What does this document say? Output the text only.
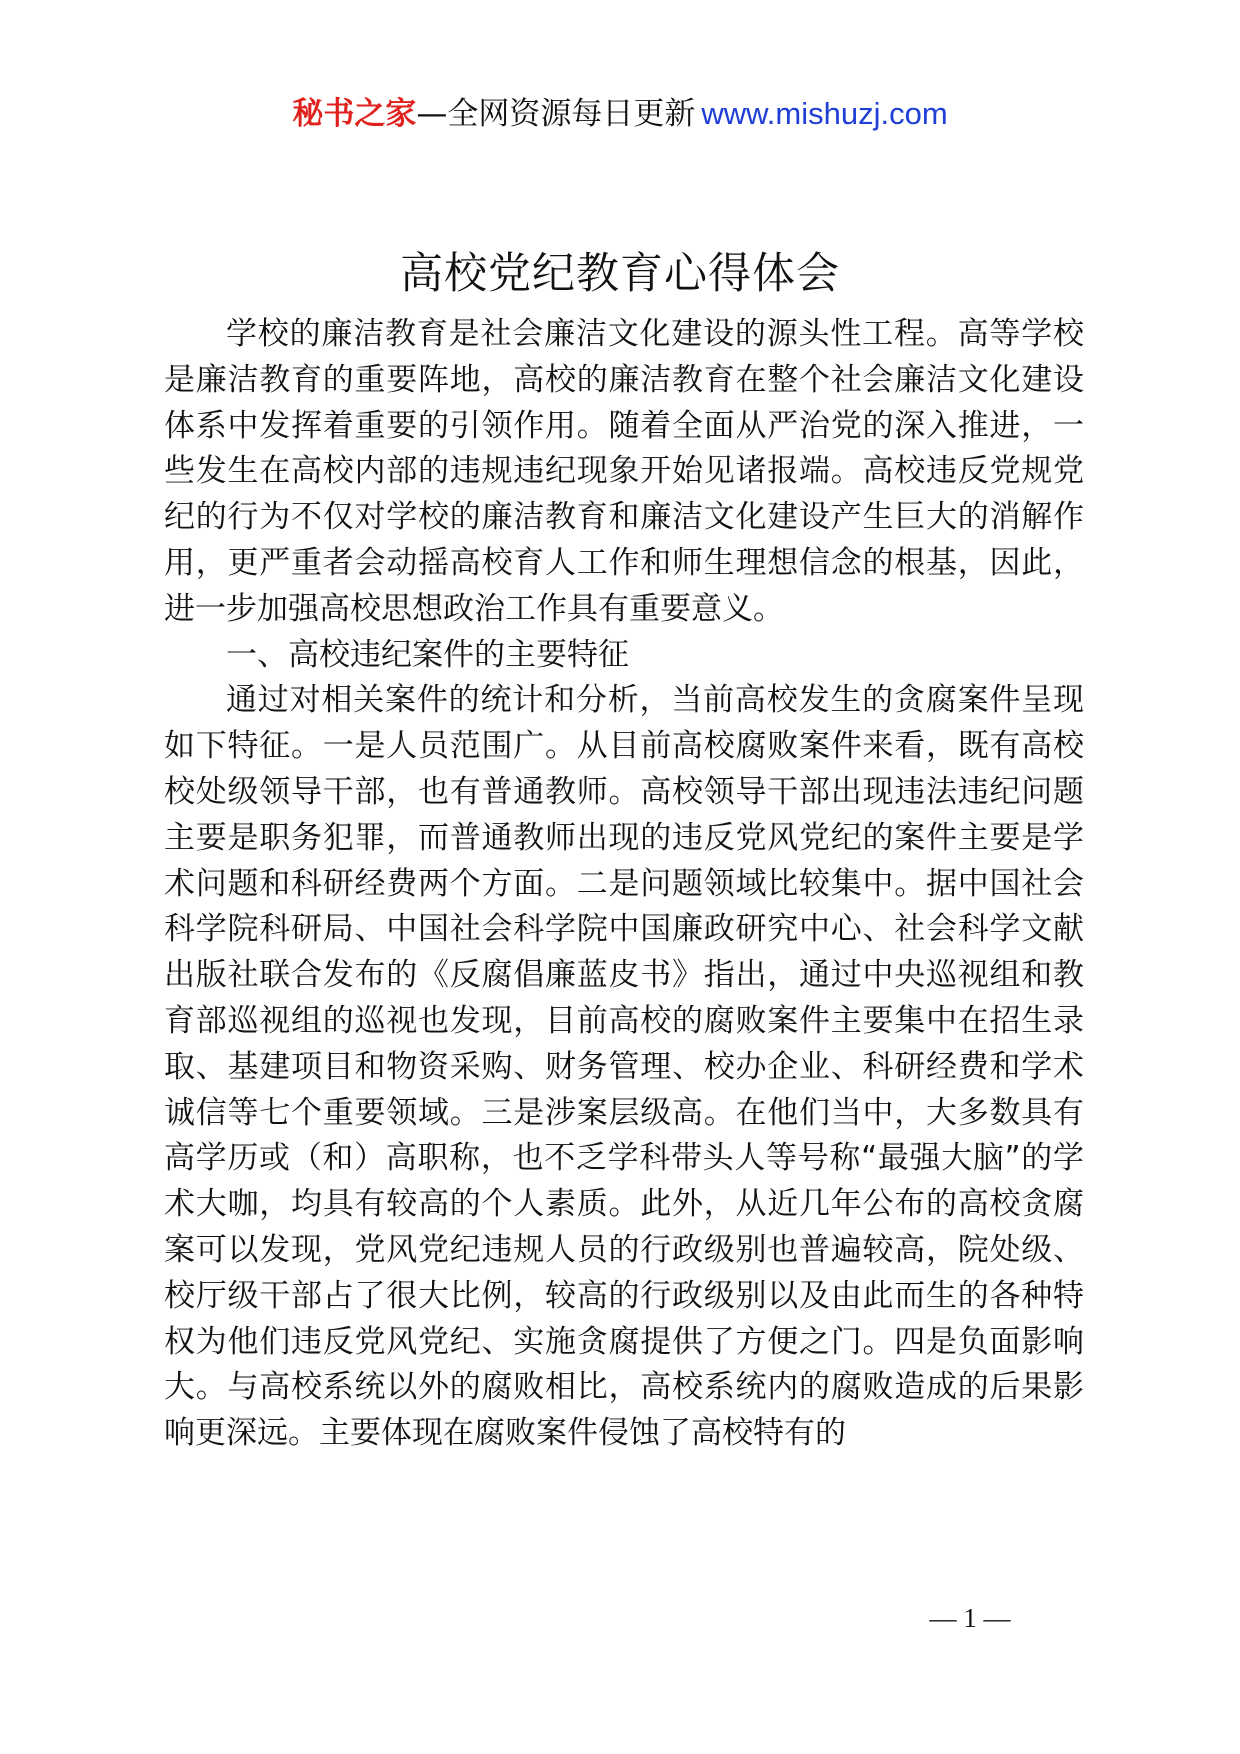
秘书之家—全网资源每日更新 www.mishuzj.com
高校党纪教育心得体会

学校的廉洁教育是社会廉洁文化建设的源头性工程。高等学校是廉洁教育的重要阵地，高校的廉洁教育在整个社会廉洁文化建设体系中发挥着重要的引领作用。随着全面从严治党的深入推进，一些发生在高校内部的违规违纪现象开始见诸报端。高校违反党规党纪的行为不仅对学校的廉洁教育和廉洁文化建设产生巨大的消解作用，更严重者会动摇高校育人工作和师生理想信念的根基，因此，进一步加强高校思想政治工作具有重要意义。

一、高校违纪案件的主要特征

通过对相关案件的统计和分析，当前高校发生的贪腐案件呈现如下特征。一是人员范围广。从目前高校腐败案件来看，既有高校校处级领导干部，也有普通教师。高校领导干部出现违法违纪问题主要是职务犯罪，而普通教师出现的违反党风党纪的案件主要是学术问题和科研经费两个方面。二是问题领域比较集中。据中国社会科学院科研局、中国社会科学院中国廉政研究中心、社会科学文献出版社联合发布的《反腐倡廉蓝皮书》指出，通过中央巡视组和教育部巡视组的巡视也发现，目前高校的腐败案件主要集中在招生录取、基建项目和物资采购、财务管理、校办企业、科研经费和学术诚信等七个重要领域。三是涉案层级高。在他们当中，大多数具有高学历或（和）高职称，也不乏学科带头人等号称“最强大脑”的学术大咖，均具有较高的个人素质。此外，从近几年公布的高校贪腐案可以发现，党风党纪违规人员的行政级别也普遍较高，院处级、校厅级干部占了很大比例，较高的行政级别以及由此而生的各种特权为他们违反党风党纪、实施贪腐提供了方便之门。四是负面影响大。与高校系统以外的腐败相比，高校系统内的腐败造成的后果影响更深远。主要体现在腐败案件侵蚀了高校特有的

— 1 —
